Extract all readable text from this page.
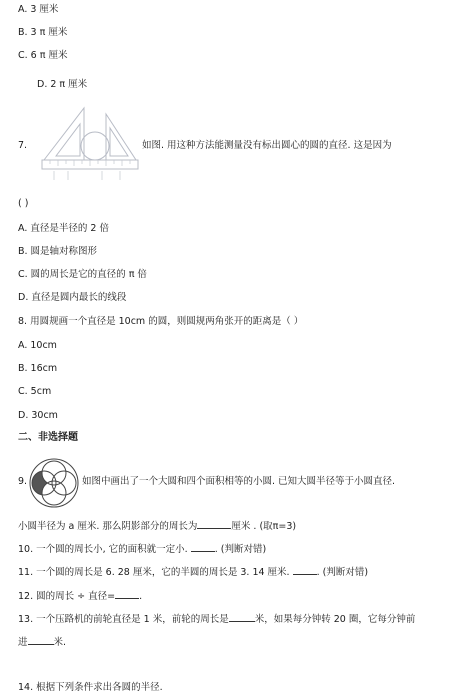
A. 3 厘米
B. 3 π 厘米
C. 6 π 厘米
D. 2 π 厘米
7.	如图. 用这种方法能测量没有标出圆心的圆的直径. 这是因为
( )
A. 直径是半径的 2 倍
B. 圆是轴对称图形
C. 圆的周长是它的直径的 π 倍
D. 直径是圆内最长的线段
8. 用圆规画一个直径是 10cm 的圆，则圆规两角张开的距离是（ ）
A. 10cm
B. 16cm
C. 5cm
D. 30cm
二、非选择题
9.	如图中画出了一个大圆和四个面积相等的小圆. 已知大圆半径等于小圆直径.
小圆半径为 a 厘米. 那么阴影部分的周长为	厘米 . (取π=3)
10. 一个圆的周长小, 它的面积就一定小.	. (判断对错)
11. 一个圆的周长是 6. 28 厘米，它的半圆的周长是 3. 14 厘米.	. (判断对错)
12. 圆的周长 ÷ 直径=	.
13. 一个压路机的前轮直径是 1 米，前轮的周长是	米，如果每分钟转 20 圈，它每分钟前
进	米.
14. 根据下列条件求出各圆的半径.
